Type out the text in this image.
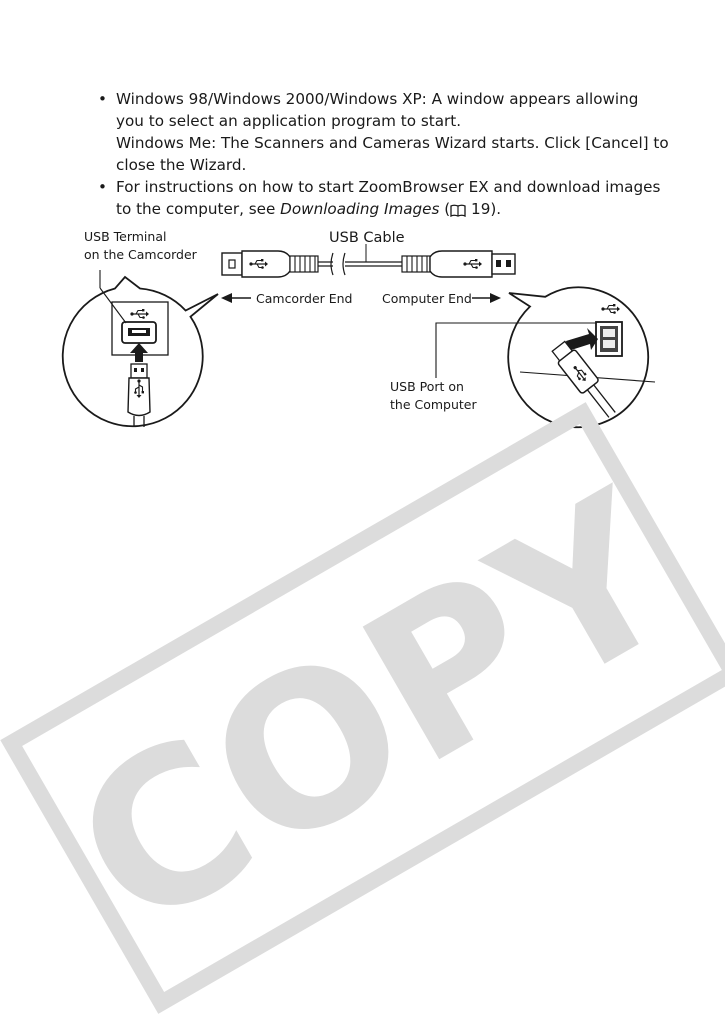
• Windows 98/Windows 2000/Windows XP: A window appears allowing
you to select an application program to start.
Windows Me: The Scanners and Cameras Wizard starts. Click [Cancel] to
close the Wizard.
• For instructions on how to start ZoomBrowser EX and download images
to the computer, see Downloading Images ( 19).
USB Terminal
on the Camcorder
USB Cable
Camcorder End Computer End
USB Port on
the Computer
COPY
